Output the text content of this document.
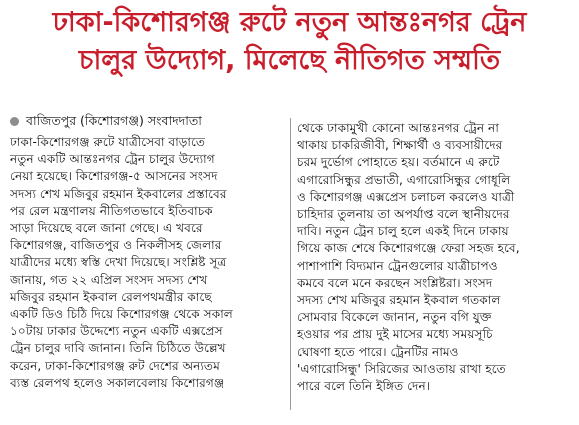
ঢাকা-কিশোরগঞ্জ রুটে নতুন আন্তঃনগর ট্রেন
চালুর উদ্যোগ, মিলেছে নীতিগত সম্মতি
বাজিতপুর (কিশোরগঞ্জ) সংবাদদাতা
ঢাকা-কিশোরগঞ্জ রুটে যাত্রীসেবা বাড়াতে
নতুন একটি আন্তঃনগর ট্রেন চালুর উদ্যোগ
নেয়া হয়েছে। কিশোরগঞ্জ-৫ আসনের সংসদ
সদস্য শেখ মজিবুর রহমান ইকবালের প্রস্তাবের
পর রেল মন্ত্রণালয় নীতিগতভাবে ইতিবাচক
সাড়া দিয়েছে বলে জানা গেছে। এ খবরে
কিশোরগঞ্জ, বাজিতপুর ও নিকলীসহ জেলার
যাত্রীদের মধ্যে স্বস্তি দেখা দিয়েছে। সংশ্লিষ্ট সূত্র
জানায়, গত ২২ এপ্রিল সংসদ সদস্য শেখ
মজিবুর রহমান ইকবাল রেলপথমন্ত্রীর কাছে
একটি ডিও চিঠি দিয়ে কিশোরগঞ্জ থেকে সকাল
১০টায় ঢাকার উদ্দেশ্যে নতুন একটি এক্সপ্রেস
ট্রেন চালুর দাবি জানান। তিনি চিঠিতে উল্লেখ
করেন, ঢাকা-কিশোরগঞ্জ রুট দেশের অন্যতম
ব্যস্ত রেলপথ হলেও সকালবেলায় কিশোরগঞ্জ
থেকে ঢাকামুখী কোনো আন্তঃনগর ট্রেন না
থাকায় চাকরিজীবী, শিক্ষার্থী ও ব্যবসায়ীদের
চরম দুর্ভোগ পোহাতে হয়। বর্তমানে এ রুটে
এগারোসিন্ধুর প্রভাতী, এগারোসিন্ধুর গোধূলি
ও কিশোরগঞ্জ এক্সপ্রেস চলাচল করলেও যাত্রী
চাহিদার তুলনায় তা অপর্যাপ্ত বলে স্থানীয়দের
দাবি। নতুন ট্রেন চালু হলে একই দিনে ঢাকায়
গিয়ে কাজ শেষে কিশোরগঞ্জে ফেরা সহজ হবে,
পাশাপাশি বিদ্যমান ট্রেনগুলোর যাত্রীচাপও
কমবে বলে মনে করছেন সংশ্লিষ্টরা। সংসদ
সদস্য শেখ মজিবুর রহমান ইকবাল গতকাল
সোমবার বিকেলে জানান, নতুন বগি যুক্ত
হওয়ার পর প্রায় দুই মাসের মধ্যে সময়সূচি
ঘোষণা হতে পারে। ট্রেনটির নামও
'এগারোসিন্ধু' সিরিজের আওতায় রাখা হতে
পারে বলে তিনি ইঙ্গিত দেন।
